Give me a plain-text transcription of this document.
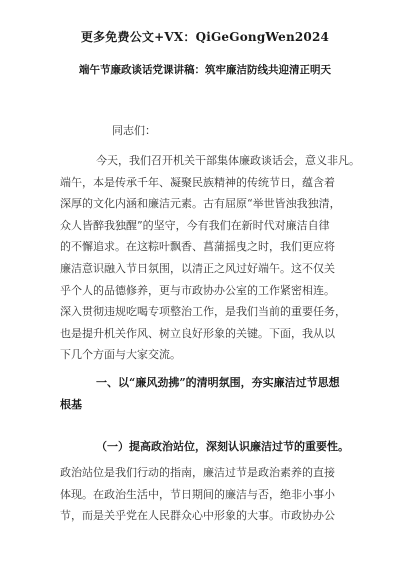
更多免费公文+VX：QiGeGongWen2024
端午节廉政谈话党课讲稿：筑牢廉洁防线共迎清正明天
同志们：

今天，我们召开机关干部集体廉政谈话会，意义非凡。

端午，本是传承千年、凝聚民族精神的传统节日，蕴含着

深厚的文化内涵和廉洁元素。古有屈原“举世皆浊我独清，

众人皆醉我独醒”的坚守，今有我们在新时代对廉洁自律

的不懈追求。在这粽叶飘香、菖蒲摇曳之时，我们更应将

廉洁意识融入节日氛围，以清正之风过好端午。这不仅关

乎个人的品德修养，更与市政协办公室的工作紧密相连。

深入贯彻违规吃喝专项整治工作，是我们当前的重要任务，

也是提升机关作风、树立良好形象的关键。下面，我从以

下几个方面与大家交流。

一、以“廉风劲拂”的清明氛围，夯实廉洁过节思想
根基
（一）提高政治站位，深刻认识廉洁过节的重要性。
政治站位是我们行动的指南，廉洁过节是政治素养的直接
体现。在政治生活中，节日期间的廉洁与否，绝非小事小
节，而是关乎党在人民群众心中形象的大事。市政协办公
